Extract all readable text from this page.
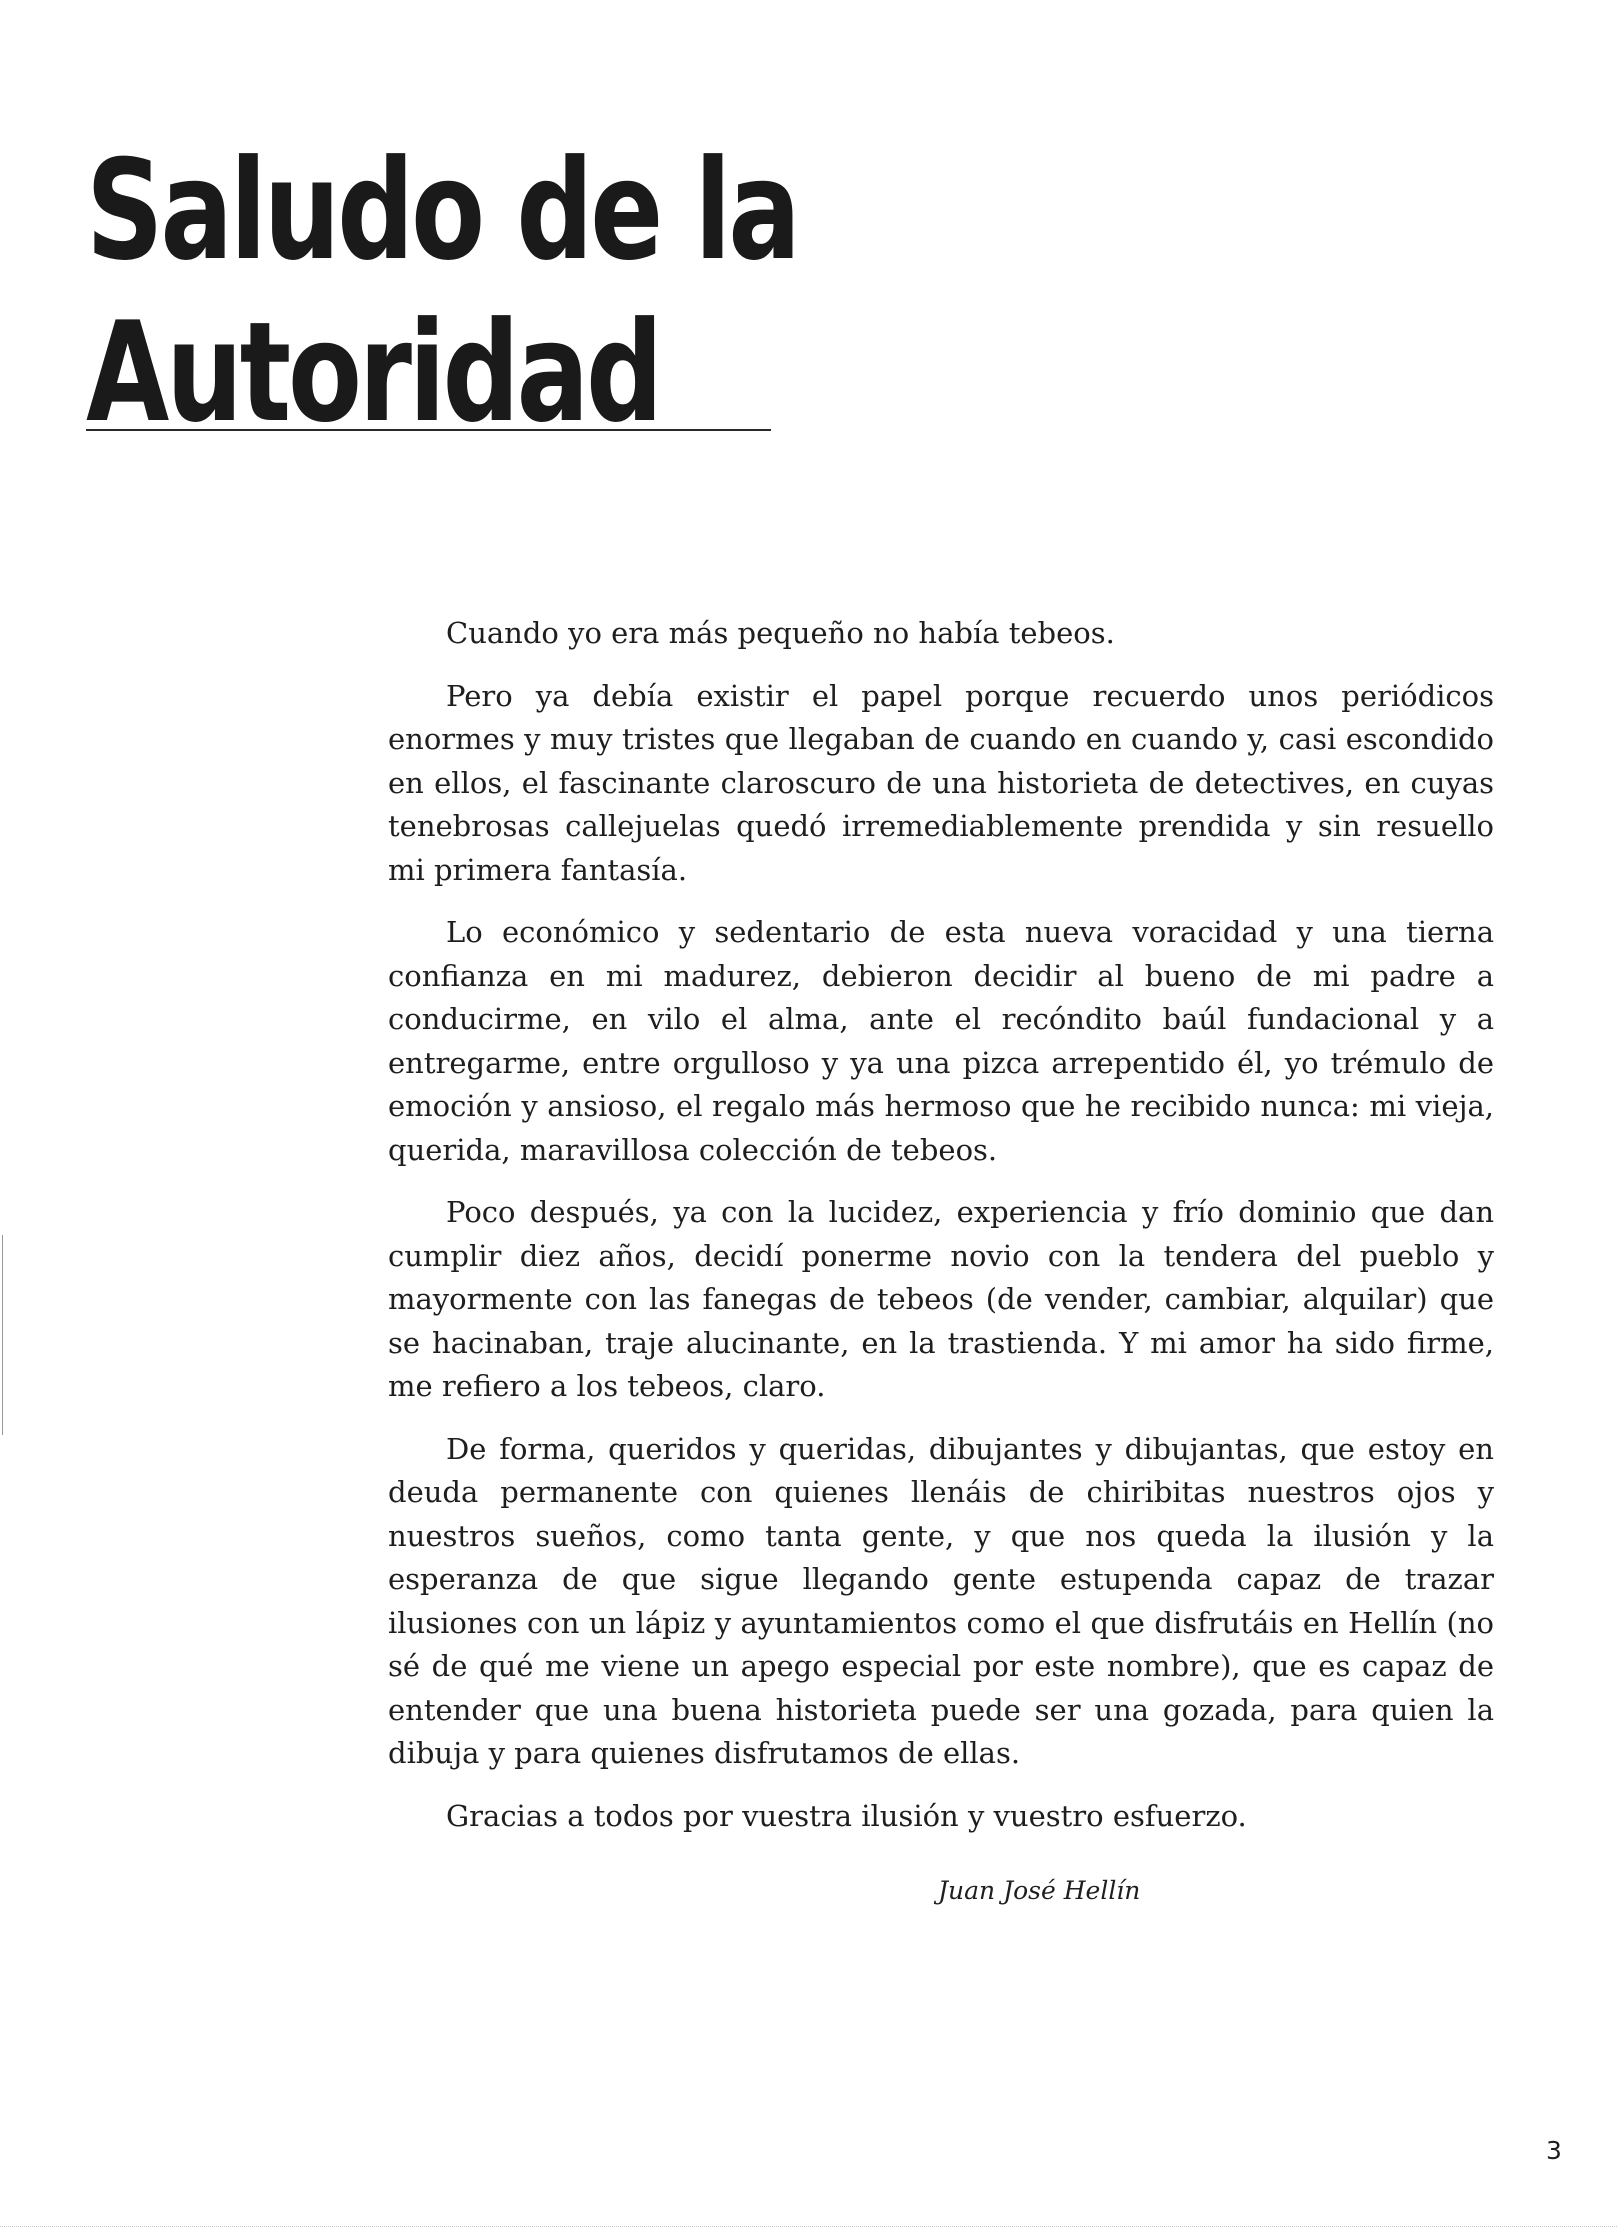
Saludo de la
Autoridad

Cuando yo era más pequeño no había tebeos.

Pero ya debía existir el papel porque recuerdo unos periódicos enormes y muy tristes que llegaban de cuando en cuando y, casi escondido en ellos, el fascinante claroscuro de una historieta de detectives, en cuyas tenebrosas callejuelas quedó irremediablemente prendida y sin resuello mi primera fantasía.

Lo económico y sedentario de esta nueva voracidad y una tierna confianza en mi madurez, debieron decidir al bueno de mi padre a conducirme, en vilo el alma, ante el recóndito baúl fundacional y a entregarme, entre orgulloso y ya una pizca arrepentido él, yo trémulo de emoción y ansioso, el regalo más hermoso que he recibido nunca: mi vieja, querida, maravillosa colección de tebeos.

Poco después, ya con la lucidez, experiencia y frío dominio que dan cumplir diez años, decidí ponerme novio con la tendera del pueblo y mayormente con las fanegas de tebeos (de vender, cambiar, alquilar) que se hacinaban, traje alucinante, en la trastienda. Y mi amor ha sido firme, me refiero a los tebeos, claro.

De forma, queridos y queridas, dibujantes y dibujantas, que estoy en deuda permanente con quienes llenáis de chiribitas nuestros ojos y nuestros sueños, como tanta gente, y que nos queda la ilusión y la esperanza de que sigue llegando gente estupenda capaz de trazar ilusiones con un lápiz y ayuntamientos como el que disfrutáis en Hellín (no sé de qué me viene un apego especial por este nombre), que es capaz de entender que una buena historieta puede ser una gozada, para quien la dibuja y para quienes disfrutamos de ellas.

Gracias a todos por vuestra ilusión y vuestro esfuerzo.

Juan José Hellín

3
